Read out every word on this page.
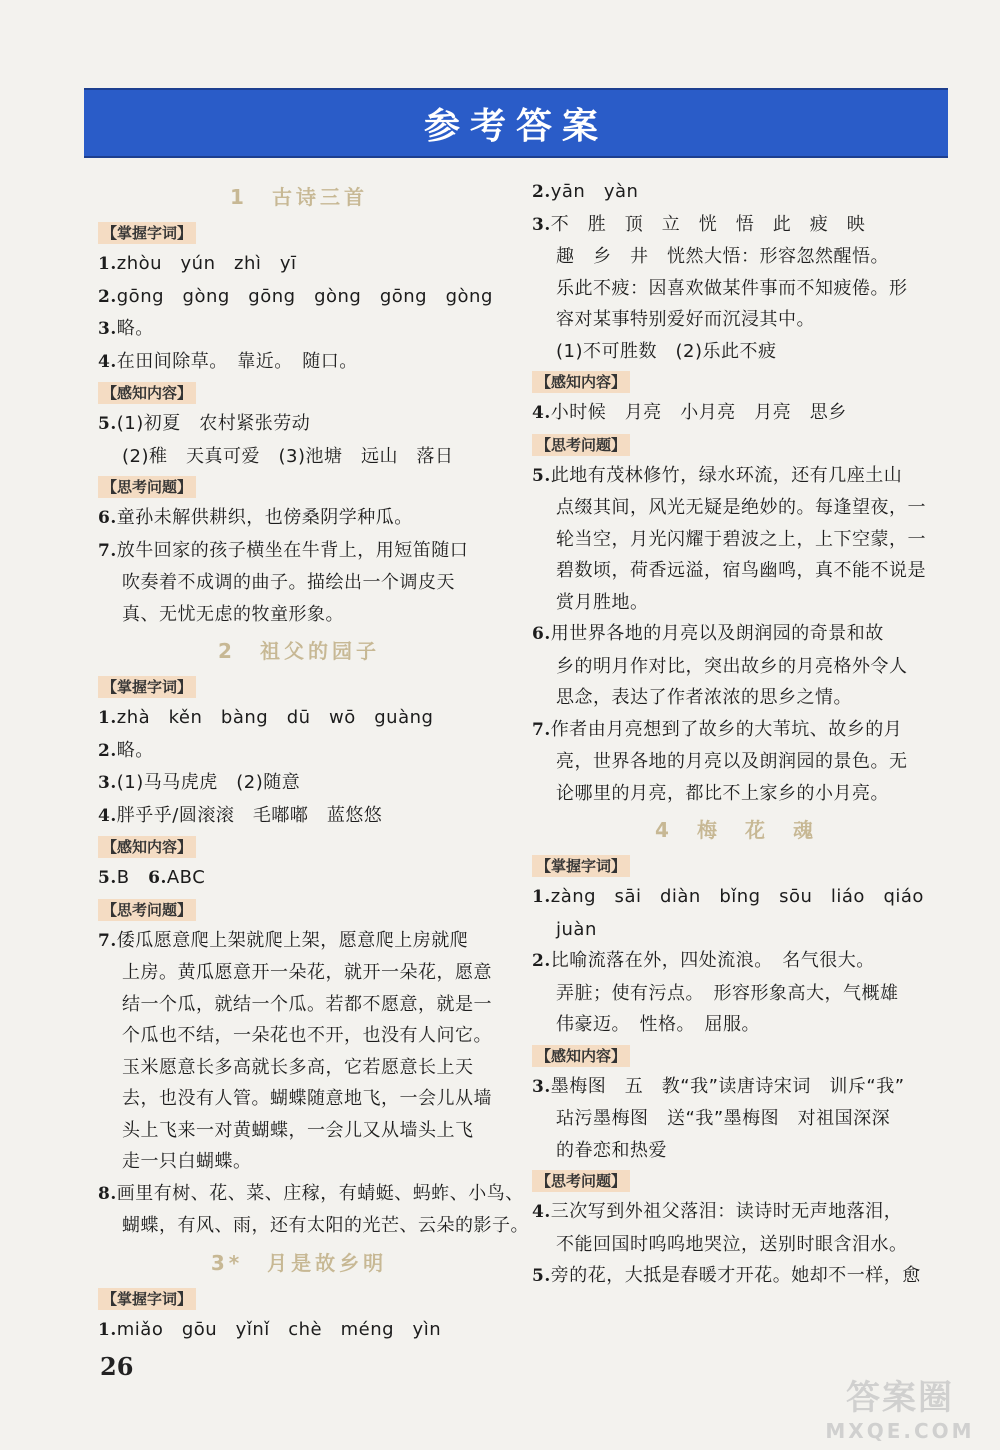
参考答案
1　古诗三首
【掌握字词】
1.zhòu　yún　zhì　yī
2.gōng　gòng　gōng　gòng　gōng　gòng
3.略。
4.在田间除草。　靠近。　随口。
【感知内容】
5.(1)初夏　农村紧张劳动
(2)稚　天真可爱　(3)池塘　远山　落日
【思考问题】
6.童孙未解供耕织，也傍桑阴学种瓜。
7.放牛回家的孩子横坐在牛背上，用短笛随口
吹奏着不成调的曲子。描绘出一个调皮天
真、无忧无虑的牧童形象。
2　祖父的园子
【掌握字词】
1.zhà　kěn　bàng　dū　wō　guàng
2.略。
3.(1)马马虎虎　(2)随意
4.胖乎乎/圆滚滚　毛嘟嘟　蓝悠悠
【感知内容】
5.B　6.ABC
【思考问题】
7.倭瓜愿意爬上架就爬上架，愿意爬上房就爬
上房。黄瓜愿意开一朵花，就开一朵花，愿意
结一个瓜，就结一个瓜。若都不愿意，就是一
个瓜也不结，一朵花也不开，也没有人问它。
玉米愿意长多高就长多高，它若愿意长上天
去，也没有人管。蝴蝶随意地飞，一会儿从墙
头上飞来一对黄蝴蝶，一会儿又从墙头上飞
走一只白蝴蝶。
8.画里有树、花、菜、庄稼，有蜻蜓、蚂蚱、小鸟、
蝴蝶，有风、雨，还有太阳的光芒、云朵的影子。
3*　月是故乡明
【掌握字词】
1.miǎo　gōu　yǐnǐ　chè　méng　yìn
2.yān　yàn
3.不　胜　顶　立　恍　悟　此　疲　映
趣　乡　井　恍然大悟：形容忽然醒悟。
乐此不疲：因喜欢做某件事而不知疲倦。形
容对某事特别爱好而沉浸其中。
(1)不可胜数　(2)乐此不疲
【感知内容】
4.小时候　月亮　小月亮　月亮　思乡
【思考问题】
5.此地有茂林修竹，绿水环流，还有几座土山
点缀其间，风光无疑是绝妙的。每逢望夜，一
轮当空，月光闪耀于碧波之上，上下空蒙，一
碧数顷，荷香远溢，宿鸟幽鸣，真不能不说是
赏月胜地。
6.用世界各地的月亮以及朗润园的奇景和故
乡的明月作对比，突出故乡的月亮格外令人
思念，表达了作者浓浓的思乡之情。
7.作者由月亮想到了故乡的大苇坑、故乡的月
亮，世界各地的月亮以及朗润园的景色。无
论哪里的月亮，都比不上家乡的小月亮。
4　梅　花　魂
【掌握字词】
1.zàng　sāi　diàn　bǐng　sōu　liáo　qiáo
juàn
2.比喻流落在外，四处流浪。　名气很大。
弄脏；使有污点。　形容形象高大，气概雄
伟豪迈。　性格。　屈服。
【感知内容】
3.墨梅图　五　教“我”读唐诗宋词　训斥“我”
玷污墨梅图　送“我”墨梅图　对祖国深深
的眷恋和热爱
【思考问题】
4.三次写到外祖父落泪：读诗时无声地落泪，
不能回国时呜呜地哭泣，送别时眼含泪水。
5.旁的花，大抵是春暖才开花。她却不一样，愈
26
答案圈
MXQE.COM
